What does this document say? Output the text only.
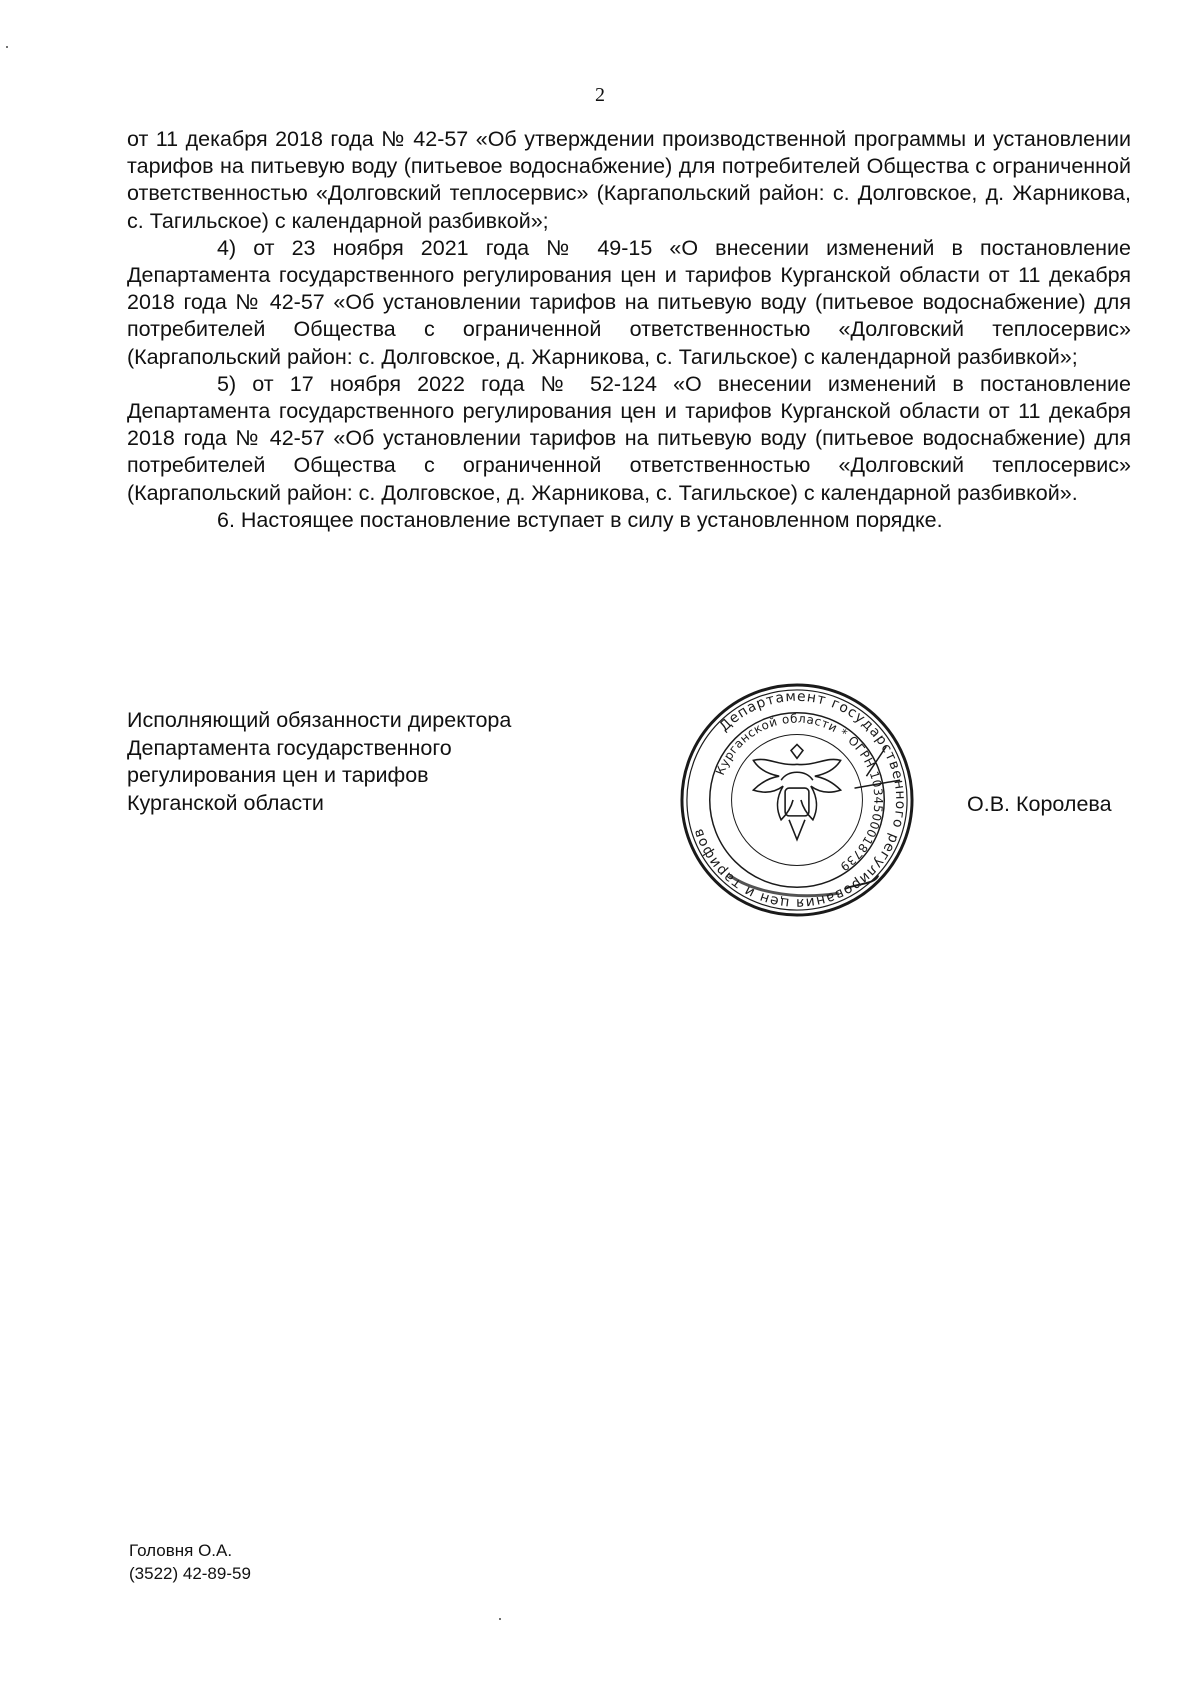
2

от 11 декабря 2018 года № 42-57 «Об утверждении производственной программы и установлении тарифов на питьевую воду (питьевое водоснабжение) для потребителей Общества с ограниченной ответственностью «Долговский теплосервис» (Каргапольский район: с. Долговское, д. Жарникова, с. Тагильское) с календарной разбивкой»;

4) от 23 ноября 2021 года № 49-15 «О внесении изменений в постановление Департамента государственного регулирования цен и тарифов Курганской области от 11 декабря 2018 года № 42-57 «Об установлении тарифов на питьевую воду (питьевое водоснабжение) для потребителей Общества с ограниченной ответственностью «Долговский теплосервис» (Каргапольский район: с. Долговское, д. Жарникова, с. Тагильское) с календарной разбивкой»;

5) от 17 ноября 2022 года № 52-124 «О внесении изменений в постановление Департамента государственного регулирования цен и тарифов Курганской области от 11 декабря 2018 года № 42-57 «Об установлении тарифов на питьевую воду (питьевое водоснабжение) для потребителей Общества с ограниченной ответственностью «Долговский теплосервис» (Каргапольский район: с. Долговское, д. Жарникова, с. Тагильское) с календарной разбивкой».

6. Настоящее постановление вступает в силу в установленном порядке.

Исполняющий обязанности директора
Департамента государственного
регулирования цен и тарифов
Курганской области
Департамент государственного регулирования цен и тарифов
Курганской области * ОГРН 1034500018739
О.В. Королева
Головня О.А.
(3522) 42-89-59
